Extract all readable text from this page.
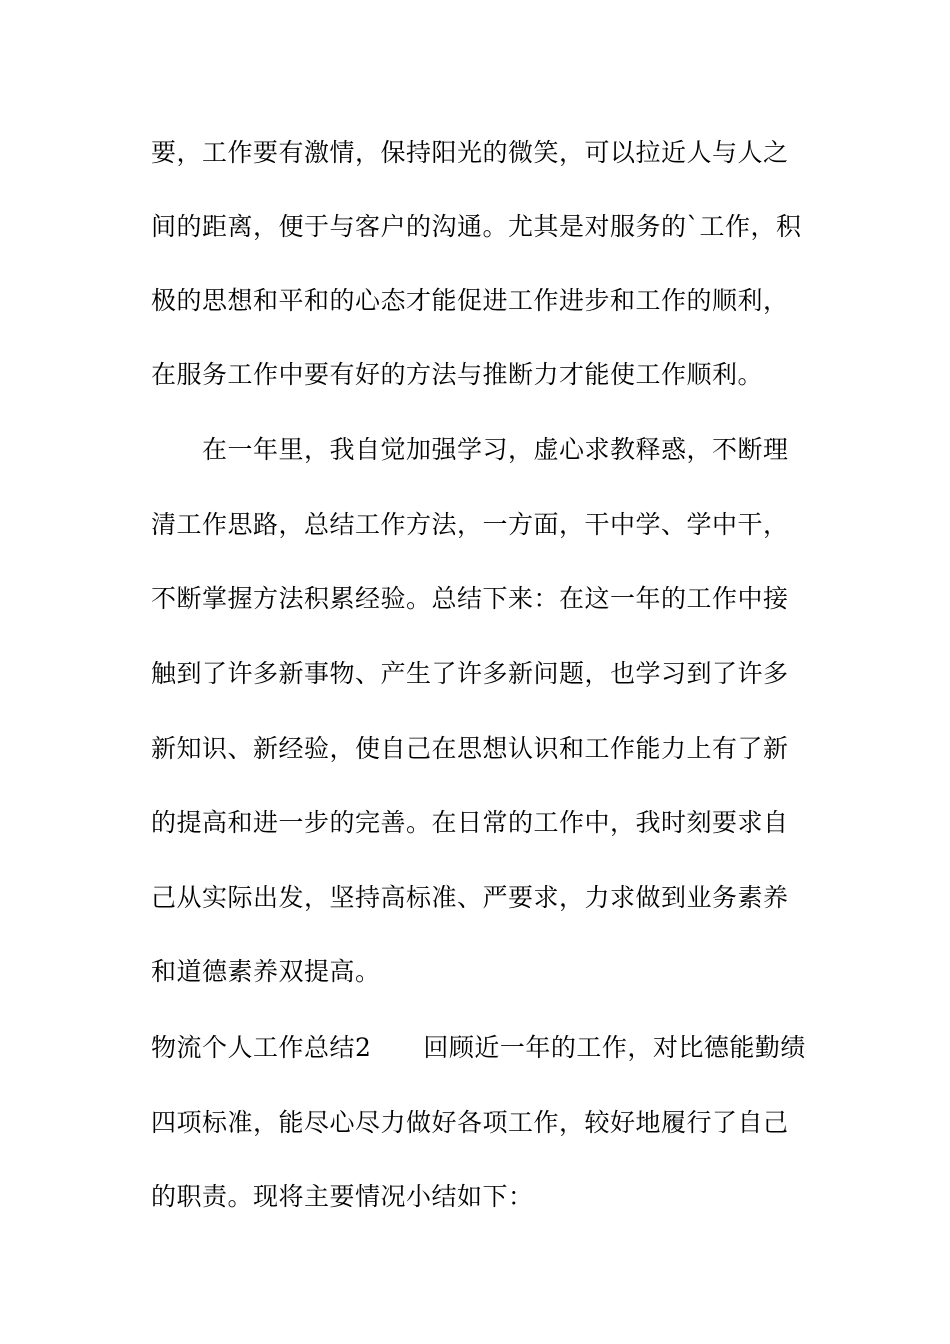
要，工作要有激情，保持阳光的微笑，可以拉近人与人之
间的距离，便于与客户的沟通。尤其是对服务的`工作，积
极的思想和平和的心态才能促进工作进步和工作的顺利，
在服务工作中要有好的方法与推断力才能使工作顺利。
在一年里，我自觉加强学习，虚心求教释惑，不断理
清工作思路，总结工作方法，一方面，干中学、学中干，
不断掌握方法积累经验。总结下来：在这一年的工作中接
触到了许多新事物、产生了许多新问题，也学习到了许多
新知识、新经验，使自己在思想认识和工作能力上有了新
的提高和进一步的完善。在日常的工作中，我时刻要求自
己从实际出发，坚持高标准、严要求，力求做到业务素养
和道德素养双提高。
物流个人工作总结2 回顾近一年的工作，对比德能勤绩
四项标准，能尽心尽力做好各项工作，较好地履行了自己
的职责。现将主要情况小结如下：
